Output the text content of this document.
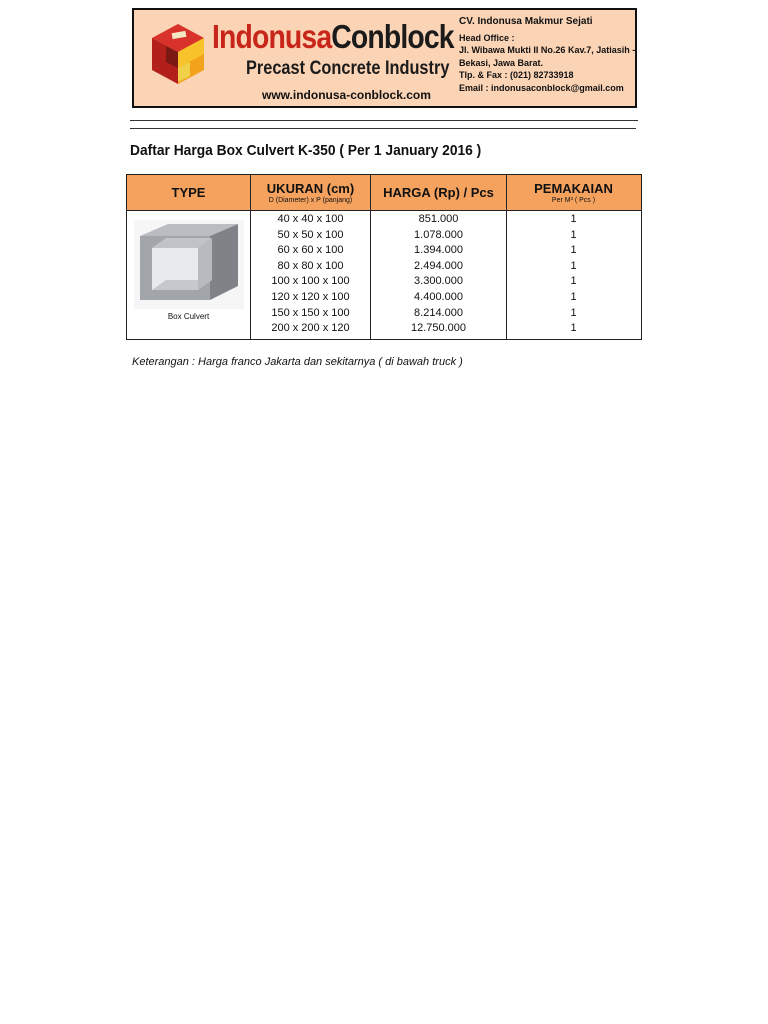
IndonusaConblock
Precast Concrete Industry
www.indonusa-conblock.com
CV. Indonusa Makmur Sejati
Head Office :
Jl. Wibawa Mukti II No.26 Kav.7, Jatiasih -
Bekasi, Jawa Barat.
Tlp. & Fax : (021) 82733918
Email : indonusaconblock@gmail.com
Daftar Harga Box Culvert K-350 ( Per 1 January 2016 )
TYPE	UKURAN (cm)
D (Diameter) x P (panjang)
HARGA (Rp) / Pcs	PEMAKAIAN
Per M³ ( Pcs )
Box Culvert
40 x 40 x 100
50 x 50 x 100
60 x 60 x 100
80 x 80 x 100
100 x 100 x 100
120 x 120 x 100
150 x 150 x 100
200 x 200 x 120
851.000
1.078.000
1.394.000
2.494.000
3.300.000
4.400.000
8.214.000
12.750.000
1
1
1
1
1
1
1
1
Keterangan : Harga franco Jakarta dan sekitarnya ( di bawah truck )
